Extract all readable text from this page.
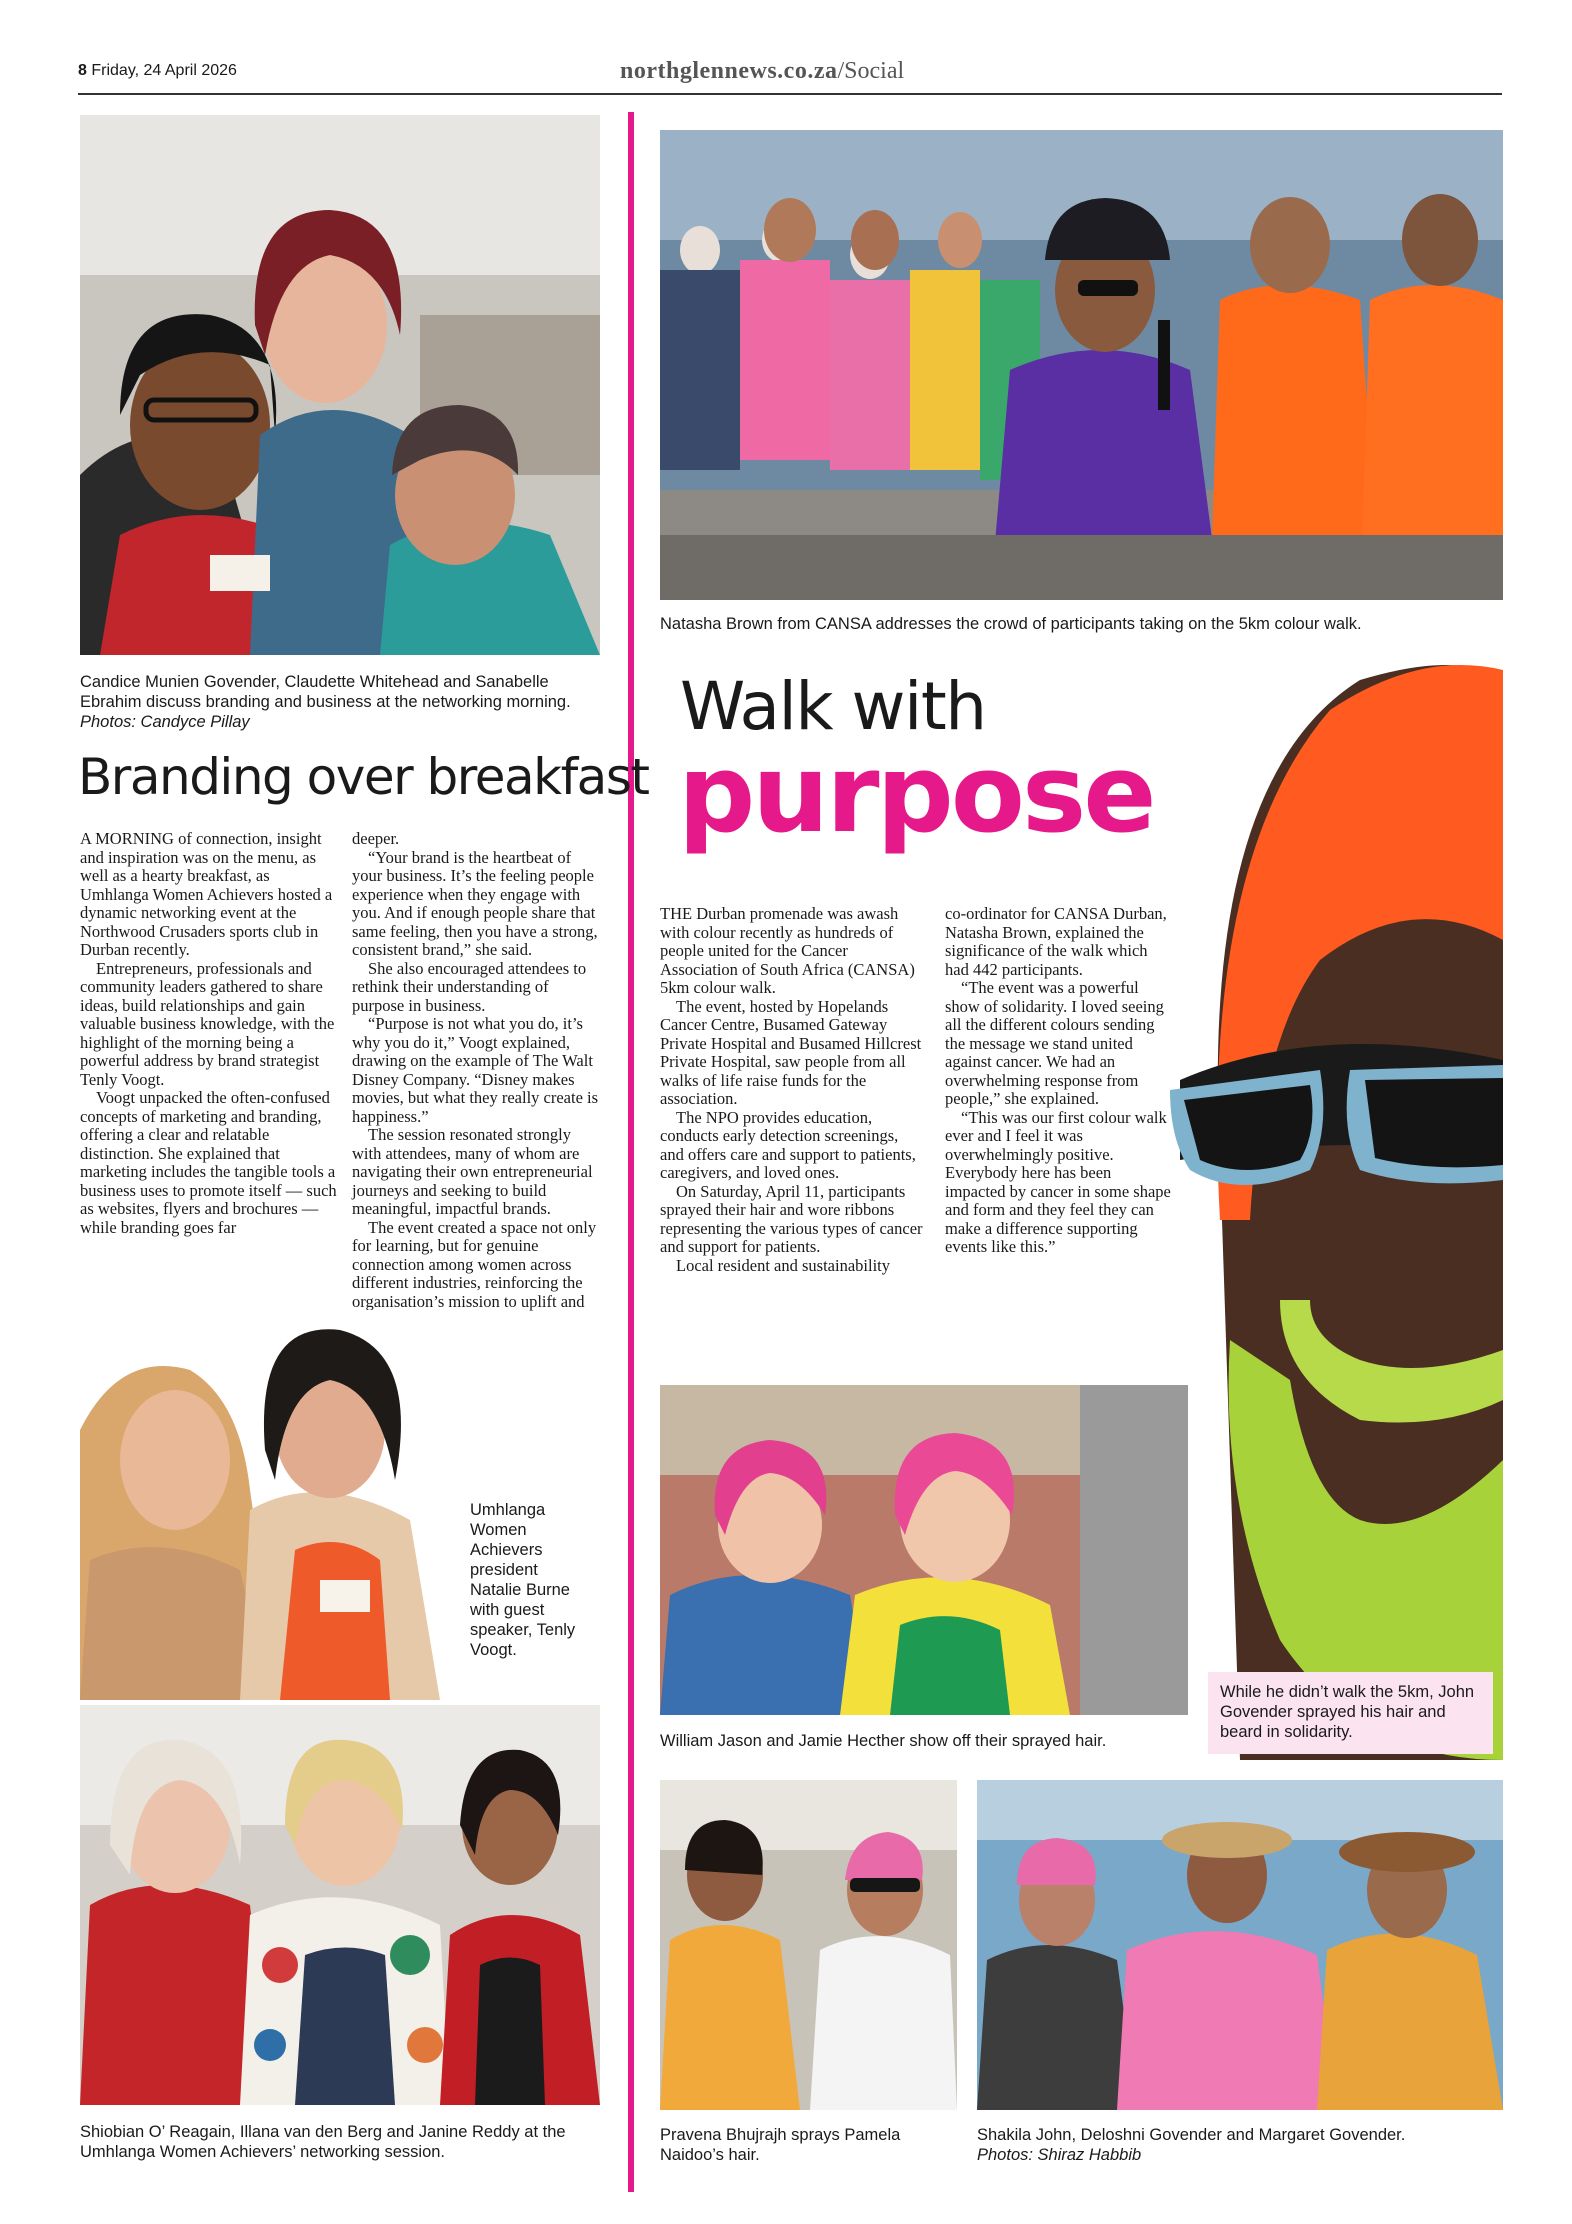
8 Friday, 24 April 2026	northglennews.co.za/Social
Candice Munien Govender, Claudette Whitehead and Sanabelle Ebrahim discuss branding and business at the networking morning. Photos: Candyce Pillay
Branding over breakfast

A MORNING of connection, insight and inspiration was on the menu, as well as a hearty breakfast, as Umhlanga Women Achievers hosted a dynamic networking event at the Northwood Crusaders sports club in Durban recently.

Entrepreneurs, professionals and community leaders gathered to share ideas, build relationships and gain valuable business knowledge, with the highlight of the morning being a powerful address by brand strategist Tenly Voogt.

Voogt unpacked the often-confused concepts of marketing and branding, offering a clear and relatable distinction. She explained that marketing includes the tangible tools a business uses to promote itself — such as websites, flyers and brochures — while branding goes far

deeper.

“Your brand is the heartbeat of your business. It’s the feeling people experience when they engage with you. And if enough people share that same feeling, then you have a strong, consistent brand,” she said.

She also encouraged attendees to rethink their understanding of purpose in business.

“Purpose is not what you do, it’s why you do it,” Voogt explained, drawing on the example of The Walt Disney Company. “Disney makes movies, but what they really create is happiness.”

The session resonated strongly with attendees, many of whom are navigating their own entrepreneurial journeys and seeking to build meaningful, impactful brands.

The event created a space not only for learning, but for genuine connection among women across different industries, reinforcing the organisation’s mission to uplift and

Umhlanga Women Achievers president Natalie Burne with guest speaker, Tenly Voogt.
Shiobian O’ Reagain, Illana van den Berg and Janine Reddy at the Umhlanga Women Achievers’ networking session.
Natasha Brown from CANSA addresses the crowd of participants taking on the 5km colour walk.
While he didn’t walk the 5km, John Govender sprayed his hair and beard in solidarity.
Walk with
purpose

THE Durban promenade was awash with colour recently as hundreds of people united for the Cancer Association of South Africa (CANSA) 5km colour walk.

The event, hosted by Hopelands Cancer Centre, Busamed Gateway Private Hospital and Busamed Hillcrest Private Hospital, saw people from all walks of life raise funds for the association.

The NPO provides education, conducts early detection screenings, and offers care and support to patients, caregivers, and loved ones.

On Saturday, April 11, participants sprayed their hair and wore ribbons representing the various types of cancer and support for patients.

Local resident and sustainability

co-ordinator for CANSA Durban, Natasha Brown, explained the significance of the walk which had 442 participants.

“The event was a powerful show of solidarity. I loved seeing all the different colours sending the message we stand united against cancer. We had an overwhelming response from people,” she explained.

“This was our first colour walk ever and I feel it was overwhelmingly positive. Everybody here has been impacted by cancer in some shape and form and they feel they can make a difference supporting events like this.”

William Jason and Jamie Hecther show off their sprayed hair.
Pravena Bhujrajh sprays Pamela Naidoo’s hair.
Shakila John, Deloshni Govender and Margaret Govender.
Photos: Shiraz Habbib
